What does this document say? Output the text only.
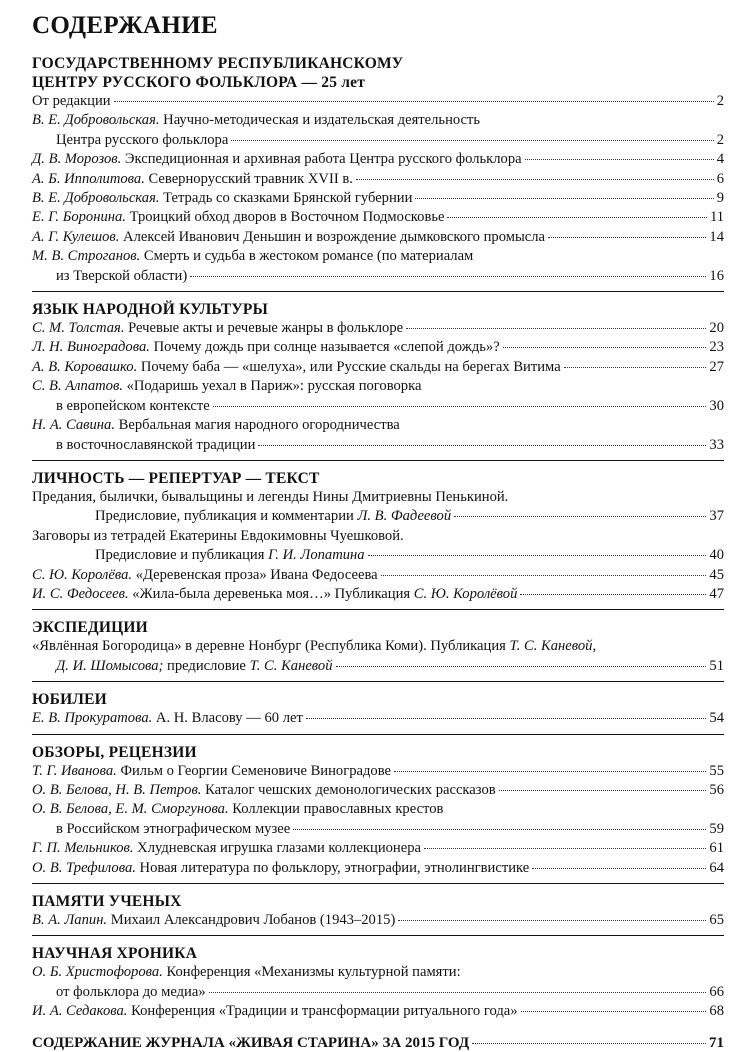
СОДЕРЖАНИЕ
ГОСУДАРСТВЕННОМУ РЕСПУБЛИКАНСКОМУ
ЦЕНТРУ РУССКОГО ФОЛЬКЛОРА — 25 лет
От редакции	2
В. Е. Добровольская. Научно-методическая и издательская деятельность
Центра русского фольклора	2
Д. В. Морозов. Экспедиционная и архивная работа Центра русского фольклора	4
А. Б. Ипполитова. Севернорусский травник XVII в.	6
В. Е. Добровольская. Тетрадь со сказками Брянской губернии	9
Е. Г. Боронина. Троицкий обход дворов в Восточном Подмосковье	11
А. Г. Кулешов. Алексей Иванович Деньшин и возрождение дымковского промысла	14
М. В. Строганов. Смерть и судьба в жестоком романсе (по материалам
из Тверской области)	16
ЯЗЫК НАРОДНОЙ КУЛЬТУРЫ
С. М. Толстая. Речевые акты и речевые жанры в фольклоре	20
Л. Н. Виноградова. Почему дождь при солнце называется «слепой дождь»?	23
А. В. Коровашко. Почему баба — «шелуха», или Русские скальды на берегах Витима	27
С. В. Алпатов. «Подаришь уехал в Париж»: русская поговорка
в европейском контексте	30
Н. А. Савина. Вербальная магия народного огородничества
в восточнославянской традиции	33
ЛИЧНОСТЬ — РЕПЕРТУАР — ТЕКСТ
Предания, былички, бывальщины и легенды Нины Дмитриевны Пенькиной.
Предисловие, публикация и комментарии Л. В. Фадеевой	37
Заговоры из тетрадей Екатерины Евдокимовны Чуешковой.
Предисловие и публикация Г. И. Лопатина	40
С. Ю. Королёва. «Деревенская проза» Ивана Федосеева	45
И. С. Федосеев. «Жила-была деревенька моя…» Публикация С. Ю. Королёвой	47
ЭКСПЕДИЦИИ
«Явлённая Богородица» в деревне Нонбург (Республика Коми). Публикация Т. С. Каневой,
Д. И. Шомысова; предисловие Т. С. Каневой	51
ЮБИЛЕИ
Е. В. Прокуратова. А. Н. Власову — 60 лет	54
ОБЗОРЫ, РЕЦЕНЗИИ
Т. Г. Иванова. Фильм о Георгии Семеновиче Виноградове	55
О. В. Белова, Н. В. Петров. Каталог чешских демонологических рассказов	56
О. В. Белова, Е. М. Сморгунова. Коллекции православных крестов
в Российском этнографическом музее	59
Г. П. Мельников. Хлудневская игрушка глазами коллекционера	61
О. В. Трефилова. Новая литература по фольклору, этнографии, этнолингвистике	64
ПАМЯТИ УЧЕНЫХ
В. А. Лапин. Михаил Александрович Лобанов (1943–2015)	65
НАУЧНАЯ ХРОНИКА
О. Б. Христофорова. Конференция «Механизмы культурной памяти:
от фольклора до медиа»	66
И. А. Седакова. Конференция «Традиции и трансформации ритуального года»	68
СОДЕРЖАНИЕ ЖУРНАЛА «ЖИВАЯ СТАРИНА» ЗА 2015 ГОД	71
